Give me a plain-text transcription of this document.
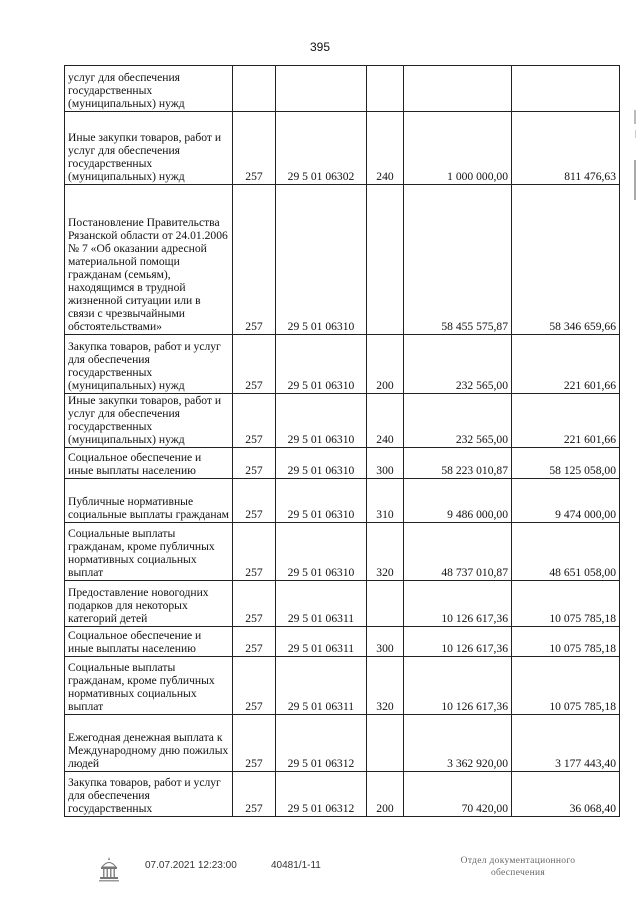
395
услуг для обеспечения государственных (муниципальных) нужд					
Иные закупки товаров, работ и услуг для обеспечения государственных (муниципальных) нужд	257	29 5 01 06302	240	1 000 000,00	811 476,63
Постановление Правительства Рязанской области от 24.01.2006 № 7 «Об оказании адресной материальной помощи гражданам (семьям), находящимся в трудной жизненной ситуации или в связи с чрезвычайными обстоятельствами»	257	29 5 01 06310		58 455 575,87	58 346 659,66
Закупка товаров, работ и услуг для обеспечения государственных (муниципальных) нужд	257	29 5 01 06310	200	232 565,00	221 601,66
Иные закупки товаров, работ и услуг для обеспечения государственных (муниципальных) нужд	257	29 5 01 06310	240	232 565,00	221 601,66
Социальное обеспечение и иные выплаты населению	257	29 5 01 06310	300	58 223 010,87	58 125 058,00
Публичные нормативные социальные выплаты гражданам	257	29 5 01 06310	310	9 486 000,00	9 474 000,00
Социальные выплаты гражданам, кроме публичных нормативных социальных выплат	257	29 5 01 06310	320	48 737 010,87	48 651 058,00
Предоставление новогодних подарков для некоторых категорий детей	257	29 5 01 06311		10 126 617,36	10 075 785,18
Социальное обеспечение и иные выплаты населению	257	29 5 01 06311	300	10 126 617,36	10 075 785,18
Социальные выплаты гражданам, кроме публичных нормативных социальных выплат	257	29 5 01 06311	320	10 126 617,36	10 075 785,18
Ежегодная денежная выплата к Международному дню пожилых людей	257	29 5 01 06312		3 362 920,00	3 177 443,40
Закупка товаров, работ и услуг для обеспечения государственных	257	29 5 01 06312	200	70 420,00	36 068,40
07.07.2021 12:23:00	40481/1-11	Отдел документационного
обеспечения
